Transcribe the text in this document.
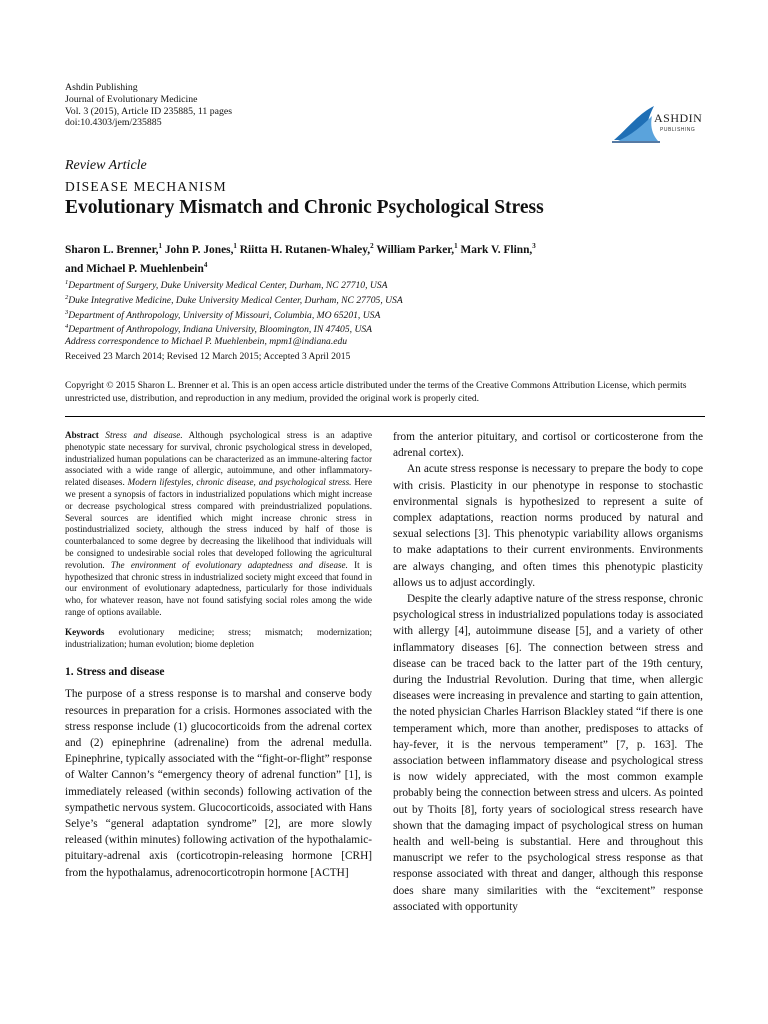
Ashdin Publishing
Journal of Evolutionary Medicine
Vol. 3 (2015), Article ID 235885, 11 pages
doi:10.4303/jem/235885	ASHDIN
PUBLISHING
Review Article
DISEASE MECHANISM
Evolutionary Mismatch and Chronic Psychological Stress
Sharon L. Brenner,$^1$ John P. Jones,$^1$ Riitta H. Rutanen-Whaley,$^2$ William Parker,$^1$ Mark V. Flinn,$^3$
and Michael P. Muehlenbein$^4$
$^1$Department of Surgery, Duke University Medical Center, Durham, NC 27710, USA
$^2$Duke Integrative Medicine, Duke University Medical Center, Durham, NC 27705, USA
$^3$Department of Anthropology, University of Missouri, Columbia, MO 65201, USA
$^4$Department of Anthropology, Indiana University, Bloomington, IN 47405, USA
Address correspondence to Michael P. Muehlenbein, mpm1@indiana.edu
Received 23 March 2014; Revised 12 March 2015; Accepted 3 April 2015
Copyright © 2015 Sharon L. Brenner et al. This is an open access article distributed under the terms of the Creative Commons Attribution License, which permits unrestricted use, distribution, and reproduction in any medium, provided the original work is properly cited.

Abstract Stress and disease. Although psychological stress is an adaptive phenotypic state necessary for survival, chronic psychological stress in developed, industrialized human populations can be characterized as an immune-altering factor associated with a wide range of allergic, autoimmune, and other inflammatory-related diseases. Modern lifestyles, chronic disease, and psychological stress. Here we present a synopsis of factors in industrialized populations which might increase or decrease psychological stress compared with preindustrialized populations. Several sources are identified which might increase chronic stress in postindustrialized society, although the stress induced by half of those is counterbalanced to some degree by decreasing the likelihood that individuals will be consigned to undesirable social roles that developed following the agricultural revolution. The environment of evolutionary adaptedness and disease. It is hypothesized that chronic stress in industrialized society might exceed that found in our environment of evolutionary adaptedness, particularly for those individuals who, for whatever reason, have not found satisfying social roles among the wide range of options available.

Keywords evolutionary medicine; stress; mismatch; modernization; industrialization; human evolution; biome depletion

1. Stress and disease

The purpose of a stress response is to marshal and conserve body resources in preparation for a crisis. Hormones associated with the stress response include (1) glucocorticoids from the adrenal cortex and (2) epinephrine (adrenaline) from the adrenal medulla. Epinephrine, typically associated with the “fight-or-flight” response of Walter Cannon’s “emergency theory of adrenal function” [1], is immediately released (within seconds) following activation of the sympathetic nervous system. Glucocorticoids, associated with Hans Selye’s “general adaptation syndrome” [2], are more slowly released (within minutes) following activation of the hypothalamic-pituitary-adrenal axis (corticotropin-releasing hormone [CRH] from the hypothalamus, adrenocorticotropin hormone [ACTH]

from the anterior pituitary, and cortisol or corticosterone from the adrenal cortex).

An acute stress response is necessary to prepare the body to cope with crisis. Plasticity in our phenotype in response to stochastic environmental signals is hypothesized to represent a suite of complex adaptations, reaction norms produced by natural and sexual selections [3]. This phenotypic variability allows organisms to make adaptations to their current environments. Environments are always changing, and often times this phenotypic plasticity allows us to adjust accordingly.

Despite the clearly adaptive nature of the stress response, chronic psychological stress in industrialized populations today is associated with allergy [4], autoimmune disease [5], and a variety of other inflammatory diseases [6]. The connection between stress and disease can be traced back to the latter part of the 19th century, during the Industrial Revolution. During that time, when allergic diseases were increasing in prevalence and starting to gain attention, the noted physician Charles Harrison Blackley stated “if there is one temperament which, more than another, predisposes to attacks of hay-fever, it is the nervous temperament” [7, p. 163]. The association between inflammatory disease and psychological stress is now widely appreciated, with the most common example probably being the connection between stress and ulcers. As pointed out by Thoits [8], forty years of sociological stress research have shown that the damaging impact of psychological stress on human health and well-being is substantial. Here and throughout this manuscript we refer to the psychological stress response as that response associated with threat and danger, although this response does share many similarities with the “excitement” response associated with opportunity
